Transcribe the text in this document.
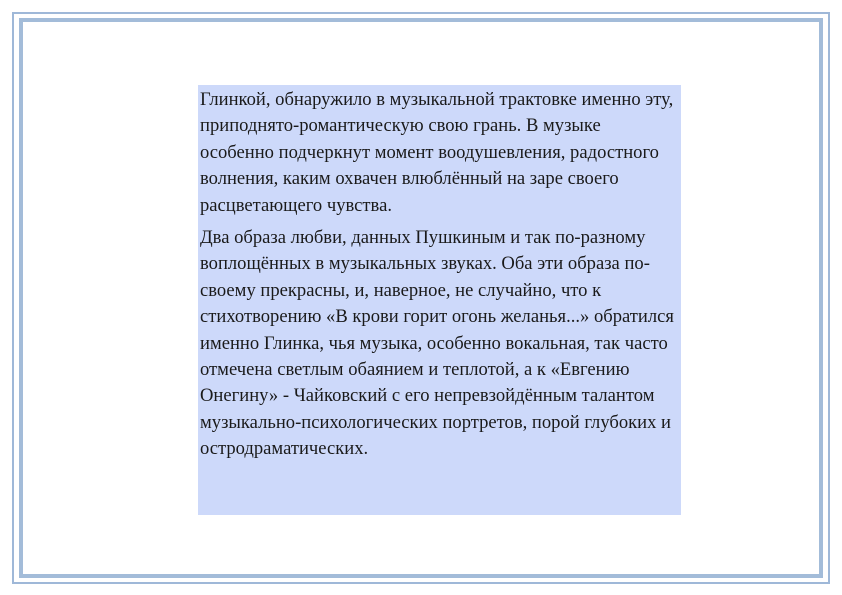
Глинкой, обнаружило в музыкальной трактовке именно эту, приподнято-романтическую свою грань. В музыке особенно подчеркнут момент воодушевления, радостного волнения, каким охвачен влюблённый на заре своего расцветающего чувства.

Два образа любви, данных Пушкиным и так по-разному воплощённых в музыкальных звуках. Оба эти образа по-своему прекрасны, и, наверное, не случайно, что к стихотворению «В крови горит огонь желанья...» обратился именно Глинка, чья музыка, особенно вокальная, так часто отмечена светлым обаянием и теплотой, а к «Евгению Онегину» - Чайковский с его непревзойдённым талантом музыкально-психологических портретов, порой глубоких и остродраматических.
